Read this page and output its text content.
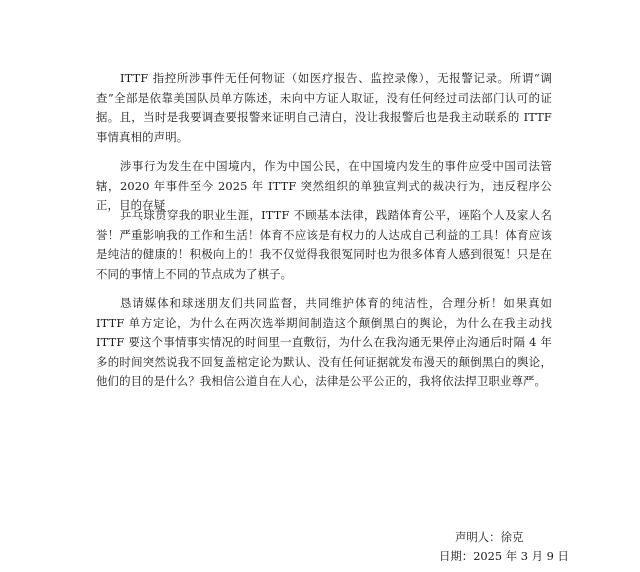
ITTF 指控所涉事件无任何物证（如医疗报告、监控录像），无报警记录。所谓“调查”全部是依靠美国队员单方陈述，未向中方证人取证，没有任何经过司法部门认可的证据。且，当时是我要调查要报警来证明自己清白，没让我报警后也是我主动联系的 ITTF 事情真相的声明。

涉事行为发生在中国境内，作为中国公民，在中国境内发生的事件应受中国司法管辖，2020 年事件至今 2025 年 ITTF 突然组织的单独宣判式的裁决行为，违反程序公正，目的存疑

乒乓球贯穿我的职业生涯，ITTF 不顾基本法律，践踏体育公平，诬陷个人及家人名誉！严重影响我的工作和生活！体育不应该是有权力的人达成自己利益的工具！体育应该是纯洁的健康的！积极向上的！我不仅觉得我很冤同时也为很多体育人感到很冤！只是在不同的事情上不同的节点成为了棋子。

恳请媒体和球迷朋友们共同监督，共同维护体育的纯洁性，合理分析！如果真如 ITTF 单方定论，为什么在两次选举期间制造这个颠倒黑白的舆论，为什么在我主动找 ITTF 要这个事情事实情况的时间里一直敷衍，为什么在我沟通无果停止沟通后时隔 4 年多的时间突然说我不回复盖棺定论为默认、没有任何证据就发布漫天的颠倒黑白的舆论，他们的目的是什么？我相信公道自在人心，法律是公平公正的，我将依法捍卫职业尊严。

声明人：徐克

日期：2025 年 3 月 9 日
